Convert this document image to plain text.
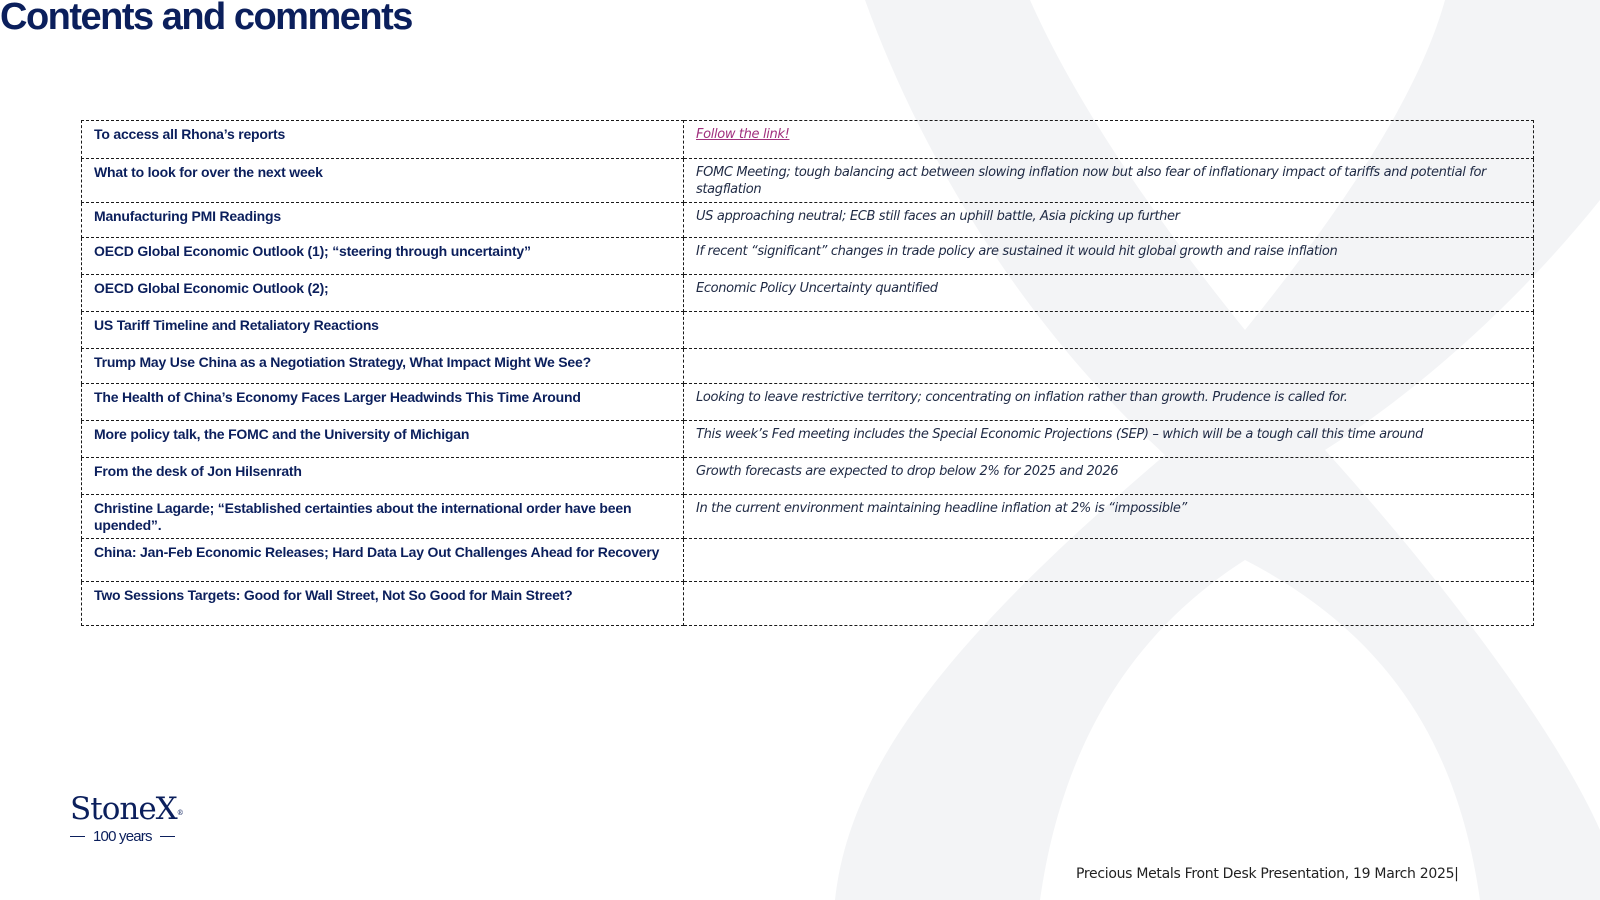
Contents and comments
To access all Rhona’s reports	Follow the link!
What to look for over the next week	FOMC Meeting; tough balancing act between slowing inflation now but also fear of inflationary impact of tariffs and potential for stagflation
Manufacturing PMI Readings	US approaching neutral; ECB still faces an uphill battle, Asia picking up further
OECD Global Economic Outlook (1); “steering through uncertainty”	If recent “significant” changes in trade policy are sustained it would hit global growth and raise inflation
OECD Global Economic Outlook (2);	Economic Policy Uncertainty quantified
US Tariff Timeline and Retaliatory Reactions	
Trump May Use China as a Negotiation Strategy, What Impact Might We See?	
The Health of China’s Economy Faces Larger Headwinds This Time Around	Looking to leave restrictive territory; concentrating on inflation rather than growth. Prudence is called for.
More policy talk, the FOMC and the University of Michigan	This week’s Fed meeting includes the Special Economic Projections (SEP) – which will be a tough call this time around
From the desk of Jon Hilsenrath	Growth forecasts are expected to drop below 2% for 2025 and 2026
Christine Lagarde; “Established certainties about the international order have been upended”.	In the current environment maintaining headline inflation at 2% is “impossible”
China: Jan-Feb Economic Releases; Hard Data Lay Out Challenges Ahead for Recovery	
Two Sessions Targets: Good for Wall Street, Not So Good for Main Street?	
StoneX®
100 years
Precious Metals Front Desk Presentation, 19 March 2025|
